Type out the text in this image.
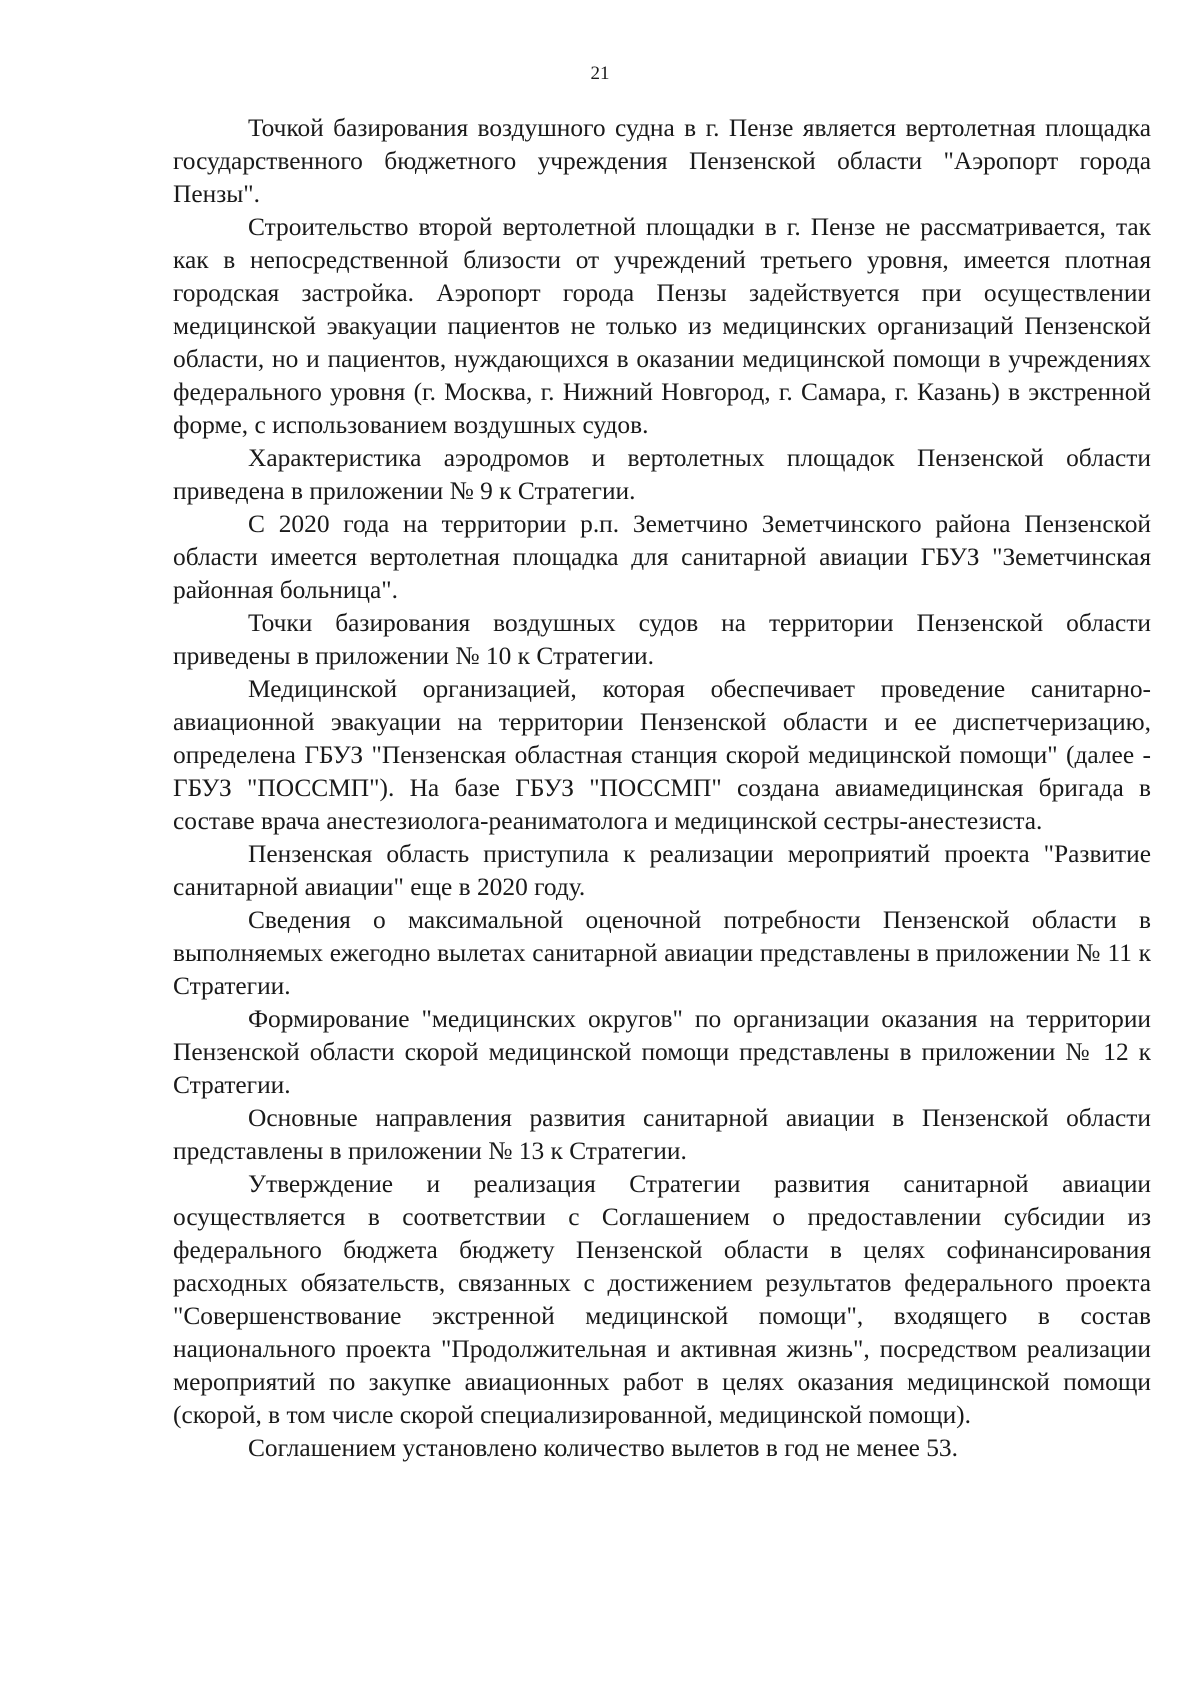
21

Точкой базирования воздушного судна в г. Пензе является вертолетная площадка государственного бюджетного учреждения Пензенской области "Аэропорт города Пензы".

Строительство второй вертолетной площадки в г. Пензе не рассматривается, так как в непосредственной близости от учреждений третьего уровня, имеется плотная городская застройка. Аэропорт города Пензы задействуется при осуществлении медицинской эвакуации пациентов не только из медицинских организаций Пензенской области, но и пациентов, нуждающихся в оказании медицинской помощи в учреждениях федерального уровня (г. Москва, г. Нижний Новгород, г. Самара, г. Казань) в экстренной форме, с использованием воздушных судов.

Характеристика аэродромов и вертолетных площадок Пензенской области приведена в приложении № 9 к Стратегии.

С 2020 года на территории р.п. Земетчино Земетчинского района Пензенской области имеется вертолетная площадка для санитарной авиации ГБУЗ "Земетчинская районная больница".

Точки базирования воздушных судов на территории Пензенской области приведены в приложении № 10 к Стратегии.

Медицинской организацией, которая обеспечивает проведение санитарно-авиационной эвакуации на территории Пензенской области и ее диспетчеризацию, определена ГБУЗ "Пензенская областная станция скорой медицинской помощи" (далее - ГБУЗ "ПОССМП"). На базе ГБУЗ "ПОССМП" создана авиамедицинская бригада в составе врача анестезиолога-реаниматолога и медицинской сестры-анестезиста.

Пензенская область приступила к реализации мероприятий проекта "Развитие санитарной авиации" еще в 2020 году.

Сведения о максимальной оценочной потребности Пензенской области в выполняемых ежегодно вылетах санитарной авиации представлены в приложении № 11 к Стратегии.

Формирование "медицинских округов" по организации оказания на территории Пензенской области скорой медицинской помощи представлены в приложении № 12 к Стратегии.

Основные направления развития санитарной авиации в Пензенской области представлены в приложении № 13 к Стратегии.

Утверждение и реализация Стратегии развития санитарной авиации осуществляется в соответствии с Соглашением о предоставлении субсидии из федерального бюджета бюджету Пензенской области в целях софинансирования расходных обязательств, связанных с достижением результатов федерального проекта "Совершенствование экстренной медицинской помощи", входящего в состав национального проекта "Продолжительная и активная жизнь", посредством реализации мероприятий по закупке авиационных работ в целях оказания медицинской помощи (скорой, в том числе скорой специализированной, медицинской помощи).

Соглашением установлено количество вылетов в год не менее 53.
